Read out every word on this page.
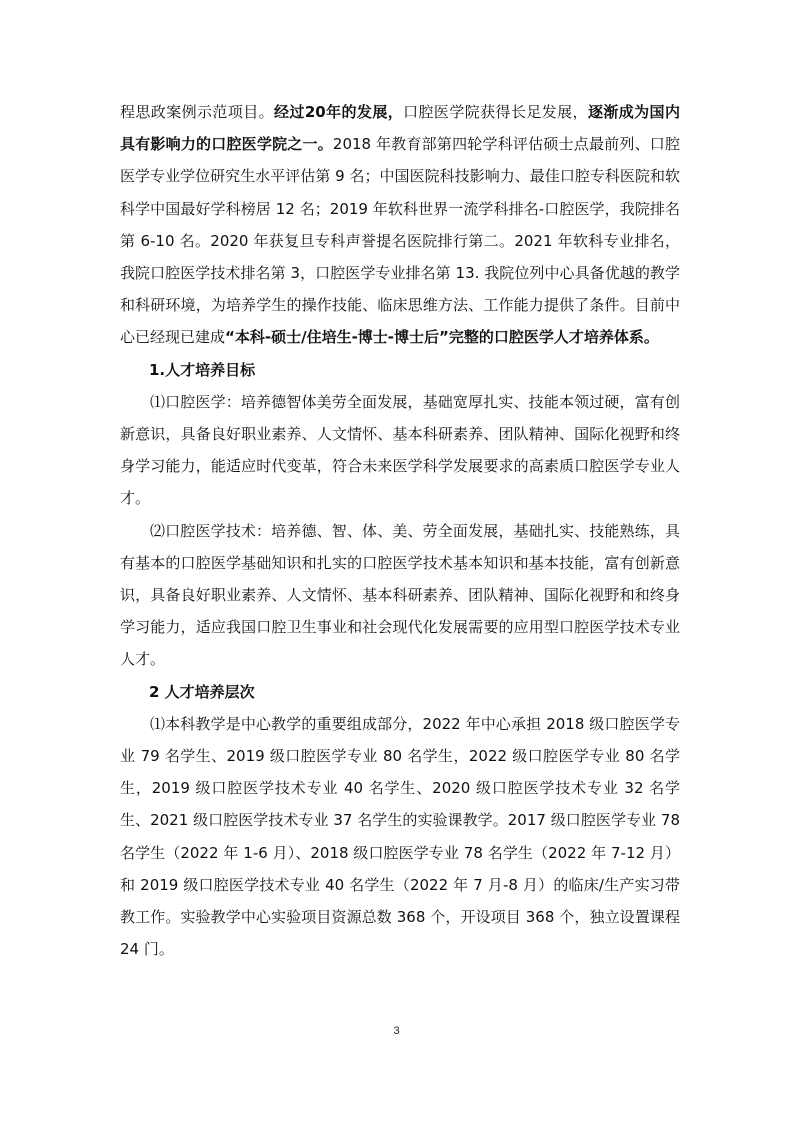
程思政案例示范项目。经过20年的发展，口腔医学院获得长足发展，逐渐成为国内具有影响力的口腔医学院之一。2018 年教育部第四轮学科评估硕士点最前列、口腔医学专业学位研究生水平评估第 9 名；中国医院科技影响力、最佳口腔专科医院和软科学中国最好学科榜居 12 名；2019 年软科世界一流学科排名-口腔医学，我院排名第 6-10 名。2020 年获复旦专科声誉提名医院排行第二。2021 年软科专业排名，我院口腔医学技术排名第 3，口腔医学专业排名第 13. 我院位列中心具备优越的教学和科研环境，为培养学生的操作技能、临床思维方法、工作能力提供了条件。目前中心已经现已建成“本科-硕士/住培生-博士-博士后”完整的口腔医学人才培养体系。

1.人才培养目标

⑴口腔医学：培养德智体美劳全面发展，基础宽厚扎实、技能本领过硬，富有创新意识，具备良好职业素养、人文情怀、基本科研素养、团队精神、国际化视野和终身学习能力，能适应时代变革，符合未来医学科学发展要求的高素质口腔医学专业人才。

⑵口腔医学技术：培养德、智、体、美、劳全面发展，基础扎实、技能熟练，具有基本的口腔医学基础知识和扎实的口腔医学技术基本知识和基本技能，富有创新意识，具备良好职业素养、人文情怀、基本科研素养、团队精神、国际化视野和和终身学习能力，适应我国口腔卫生事业和社会现代化发展需要的应用型口腔医学技术专业人才。

2 人才培养层次

⑴本科教学是中心教学的重要组成部分，2022 年中心承担 2018 级口腔医学专业 79 名学生、2019 级口腔医学专业 80 名学生，2022 级口腔医学专业 80 名学生，2019 级口腔医学技术专业 40 名学生、2020 级口腔医学技术专业 32 名学生、2021 级口腔医学技术专业 37 名学生的实验课教学。2017 级口腔医学专业 78 名学生（2022 年 1-6 月）、2018 级口腔医学专业 78 名学生（2022 年 7-12 月）和 2019 级口腔医学技术专业 40 名学生（2022 年 7 月-8 月）的临床/生产实习带教工作。实验教学中心实验项目资源总数 368 个，开设项目 368 个，独立设置课程 24 门。

3
